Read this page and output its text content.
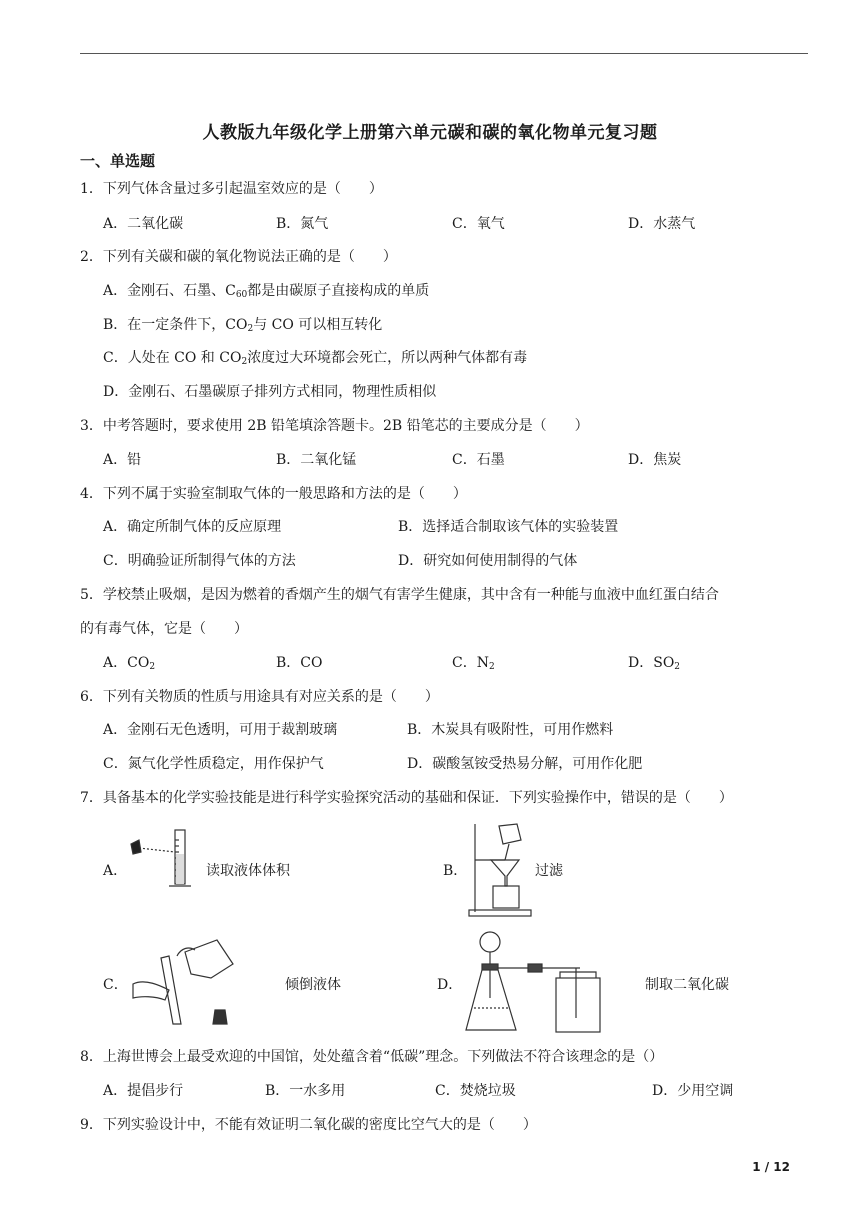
人教版九年级化学上册第六单元碳和碳的氧化物单元复习题
一、单选题
1．下列气体含量过多引起温室效应的是（　　）
A．二氧化碳	B．氮气	C．氧气	D．水蒸气
2．下列有关碳和碳的氧化物说法正确的是（　　）
A．金刚石、石墨、$C_{60}$都是由碳原子直接构成的单质
B．在一定条件下，$CO_2$与 CO 可以相互转化
C．人处在 CO 和 $CO_2$浓度过大环境都会死亡，所以两种气体都有毒
D．金刚石、石墨碳原子排列方式相同，物理性质相似
3．中考答题时，要求使用 2B 铅笔填涂答题卡。2B 铅笔芯的主要成分是（　　）
A．铅	B．二氧化锰	C．石墨	D．焦炭
4．下列不属于实验室制取气体的一般思路和方法的是（　　）
A．确定所制气体的反应原理	B．选择适合制取该气体的实验装置
C．明确验证所制得气体的方法	D．研究如何使用制得的气体
5．学校禁止吸烟，是因为燃着的香烟产生的烟气有害学生健康，其中含有一种能与血液中血红蛋白结合
的有毒气体，它是（　　）
A．$CO_2$	B．CO	C．$N_2$	D．$SO_2$
6．下列有关物质的性质与用途具有对应关系的是（　　）
A．金刚石无色透明，可用于裁割玻璃	B．木炭具有吸附性，可用作燃料
C．氮气化学性质稳定，用作保护气	D．碳酸氢铵受热易分解，可用作化肥
7．具备基本的化学实验技能是进行科学实验探究活动的基础和保证．下列实验操作中，错误的是（　　）
A．	读取液体体积	B．	过滤
C．	倾倒液体	D．	制取二氧化碳
8．上海世博会上最受欢迎的中国馆，处处蕴含着“低碳”理念。下列做法不符合该理念的是（）
A．提倡步行	B．一水多用	C．焚烧垃圾	D．少用空调
9．下列实验设计中，不能有效证明二氧化碳的密度比空气大的是（　　）
1 / 12
